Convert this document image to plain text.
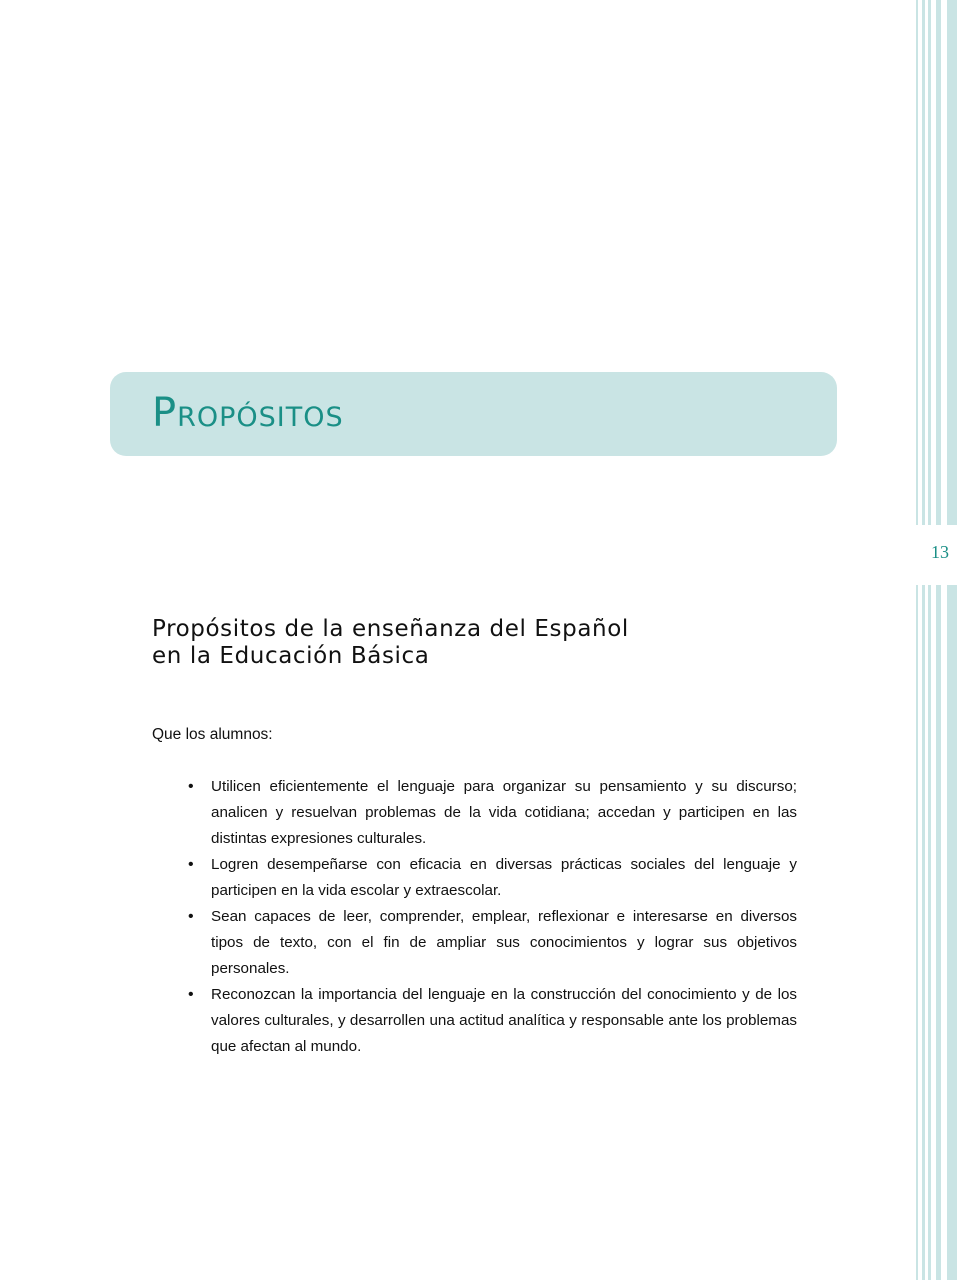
13
PROPÓSITOS
Propósitos de la enseñanza del Español
en la Educación Básica
Que los alumnos:
• Utilicen eficientemente el lenguaje para organizar su pensamiento y su discurso; analicen y resuelvan problemas de la vida cotidiana; accedan y participen en las distintas expresiones culturales.
• Logren desempeñarse con eficacia en diversas prácticas sociales del lenguaje y participen en la vida escolar y extraescolar.
• Sean capaces de leer, comprender, emplear, reflexionar e interesarse en diversos tipos de texto, con el fin de ampliar sus conocimientos y lograr sus objetivos personales.
• Reconozcan la importancia del lenguaje en la construcción del conocimiento y de los valores culturales, y desarrollen una actitud analítica y responsable ante los problemas que afectan al mundo.
